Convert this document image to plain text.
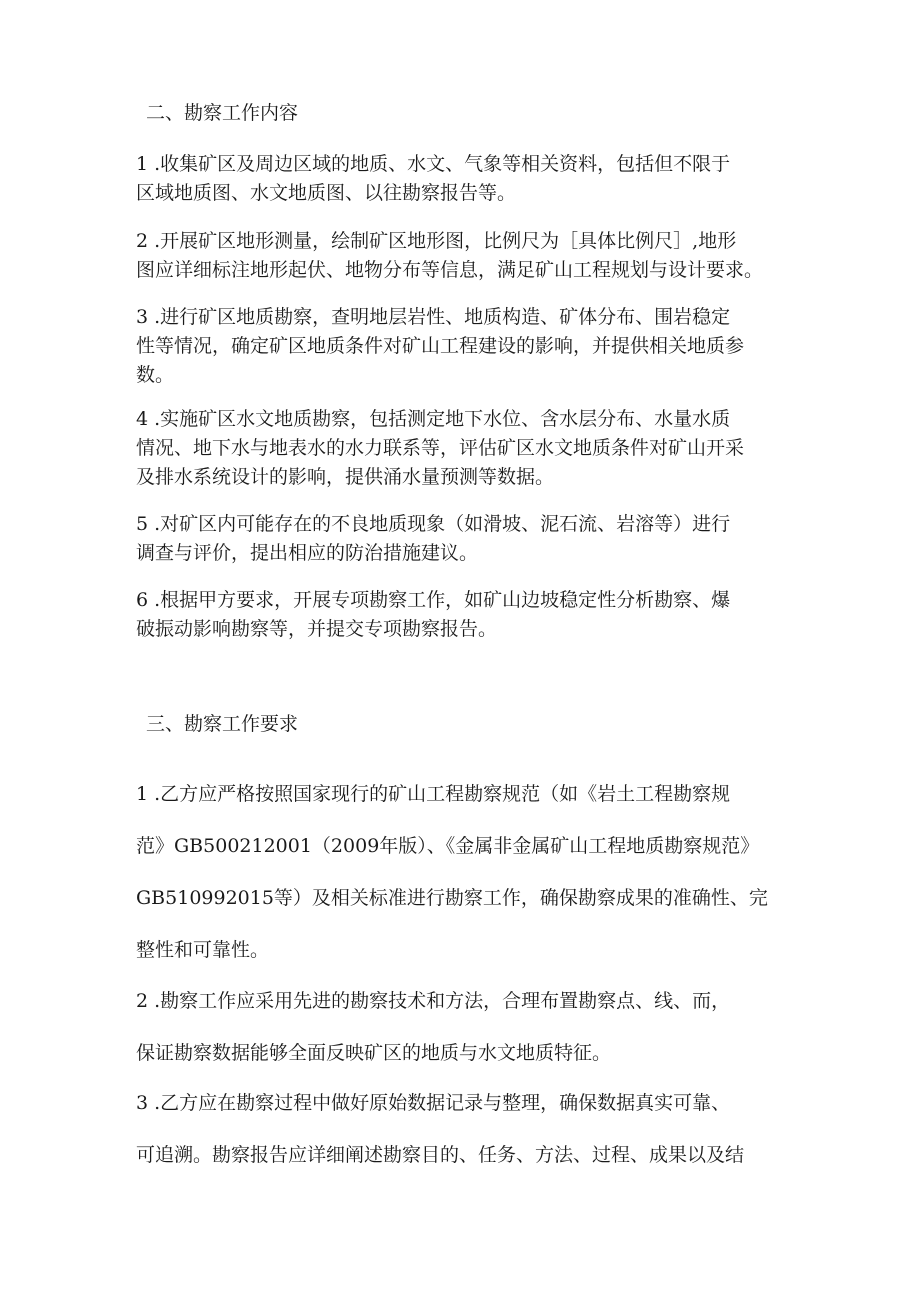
二、勘察工作内容
1 .收集矿区及周边区域的地质、水文、气象等相关资料，包括但不限于
区域地质图、水文地质图、以往勘察报告等。
2 .开展矿区地形测量，绘制矿区地形图，比例尺为［具体比例尺］,地形
图应详细标注地形起伏、地物分布等信息，满足矿山工程规划与设计要求。
3 .进行矿区地质勘察，查明地层岩性、地质构造、矿体分布、围岩稳定
性等情况，确定矿区地质条件对矿山工程建设的影响，并提供相关地质参
数。
4 .实施矿区水文地质勘察，包括测定地下水位、含水层分布、水量水质
情况、地下水与地表水的水力联系等，评估矿区水文地质条件对矿山开采
及排水系统设计的影响，提供涌水量预测等数据。
5 .对矿区内可能存在的不良地质现象（如滑坡、泥石流、岩溶等）进行
调查与评价，提出相应的防治措施建议。
6 .根据甲方要求，开展专项勘察工作，如矿山边坡稳定性分析勘察、爆
破振动影响勘察等，并提交专项勘察报告。
三、勘察工作要求
1 .乙方应严格按照国家现行的矿山工程勘察规范（如《岩土工程勘察规
范》GB500212001（2009年版）、《金属非金属矿山工程地质勘察规范》
GB510992015等）及相关标准进行勘察工作，确保勘察成果的准确性、完
整性和可靠性。
2 .勘察工作应采用先进的勘察技术和方法，合理布置勘察点、线、而，
保证勘察数据能够全面反映矿区的地质与水文地质特征。
3 .乙方应在勘察过程中做好原始数据记录与整理，确保数据真实可靠、
可追溯。勘察报告应详细阐述勘察目的、任务、方法、过程、成果以及结
